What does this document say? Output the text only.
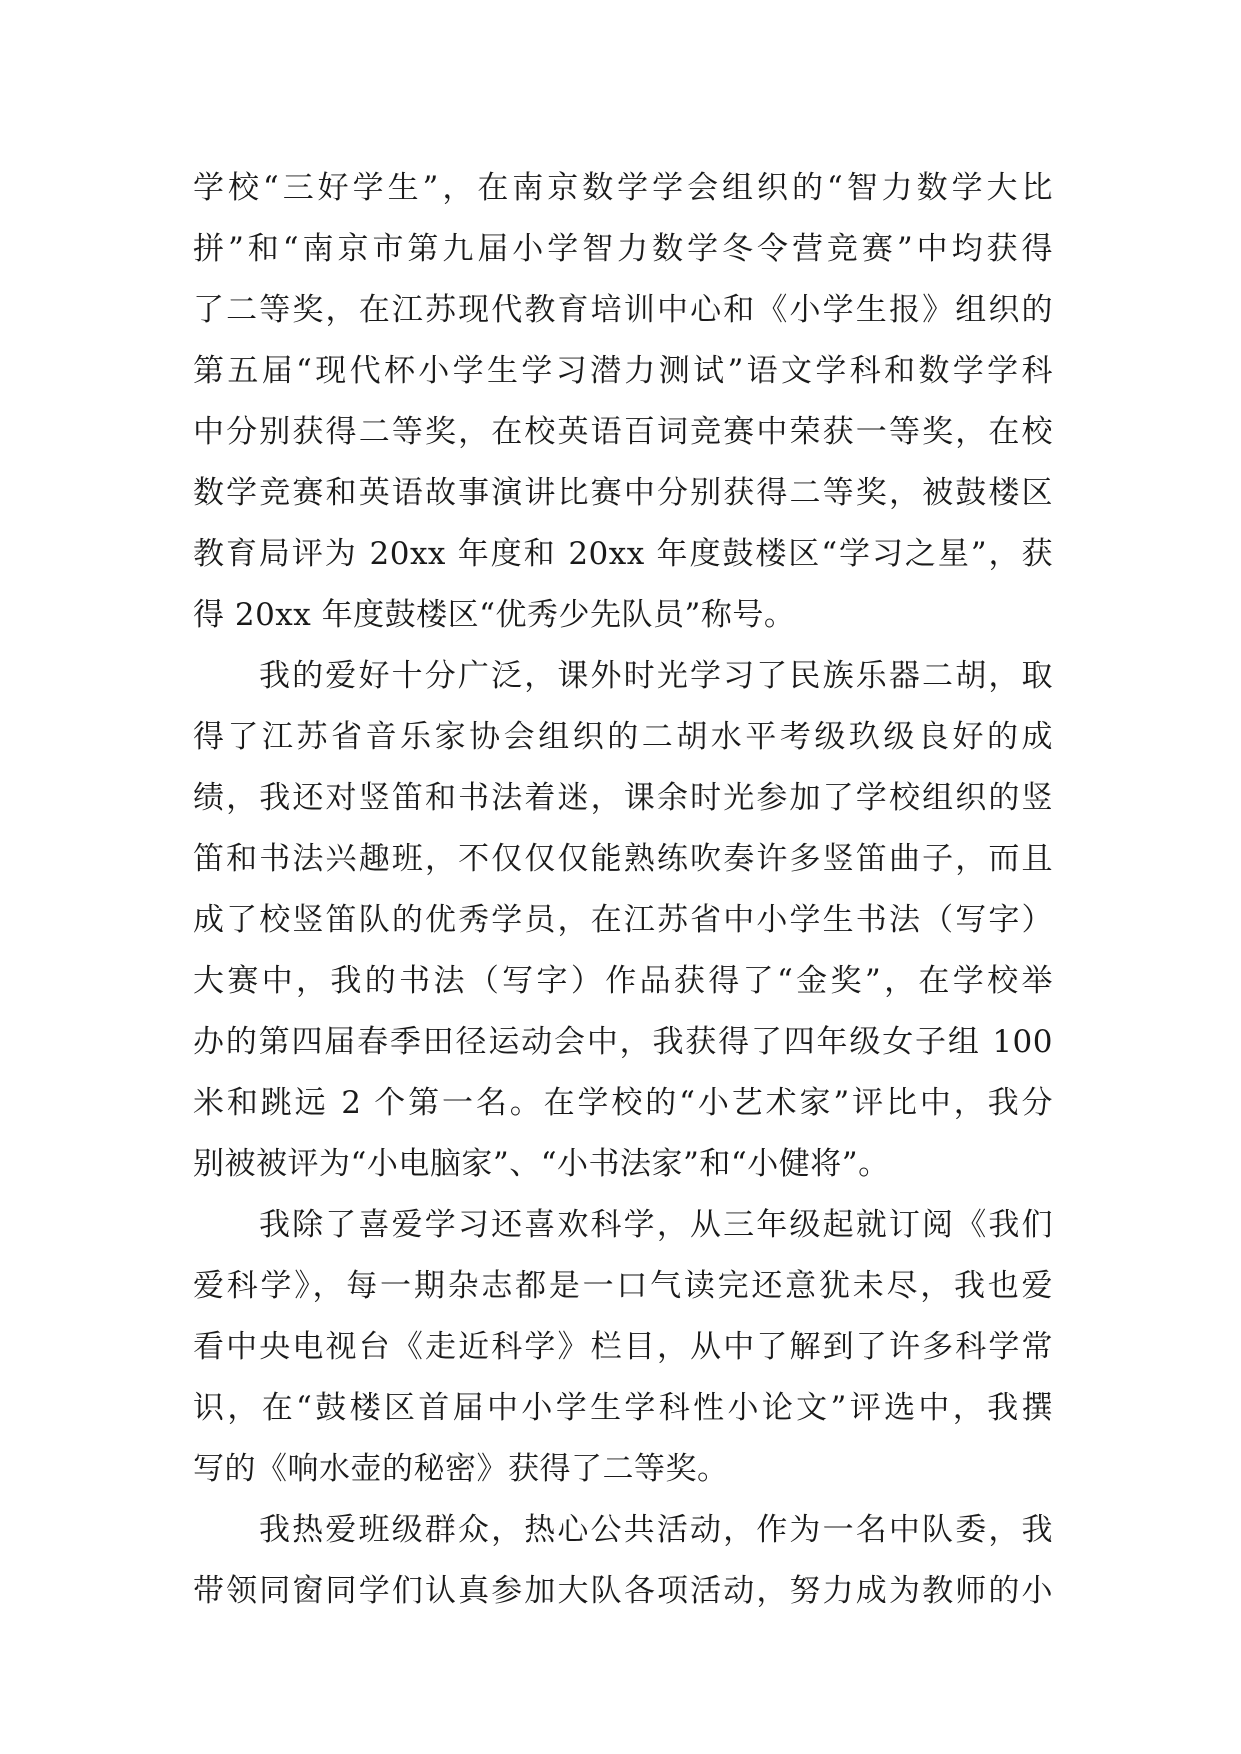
学校“三好学生”，在南京数学学会组织的“智力数学大比
拼”和“南京市第九届小学智力数学冬令营竞赛”中均获得
了二等奖，在江苏现代教育培训中心和《小学生报》组织的
第五届“现代杯小学生学习潜力测试”语文学科和数学学科
中分别获得二等奖，在校英语百词竞赛中荣获一等奖，在校
数学竞赛和英语故事演讲比赛中分别获得二等奖，被鼓楼区
教育局评为 20xx 年度和 20xx 年度鼓楼区“学习之星”，获
得 20xx 年度鼓楼区“优秀少先队员”称号。
我的爱好十分广泛，课外时光学习了民族乐器二胡，取
得了江苏省音乐家协会组织的二胡水平考级玖级良好的成
绩，我还对竖笛和书法着迷，课余时光参加了学校组织的竖
笛和书法兴趣班，不仅仅仅能熟练吹奏许多竖笛曲子，而且
成了校竖笛队的优秀学员，在江苏省中小学生书法（写字）
大赛中，我的书法（写字）作品获得了“金奖”，在学校举
办的第四届春季田径运动会中，我获得了四年级女子组 100
米和跳远 2 个第一名。在学校的“小艺术家”评比中，我分
别被被评为“小电脑家”、“小书法家”和“小健将”。
我除了喜爱学习还喜欢科学，从三年级起就订阅《我们
爱科学》，每一期杂志都是一口气读完还意犹未尽，我也爱
看中央电视台《走近科学》栏目，从中了解到了许多科学常
识，在“鼓楼区首届中小学生学科性小论文”评选中，我撰
写的《响水壶的秘密》获得了二等奖。
我热爱班级群众，热心公共活动，作为一名中队委，我
带领同窗同学们认真参加大队各项活动，努力成为教师的小
